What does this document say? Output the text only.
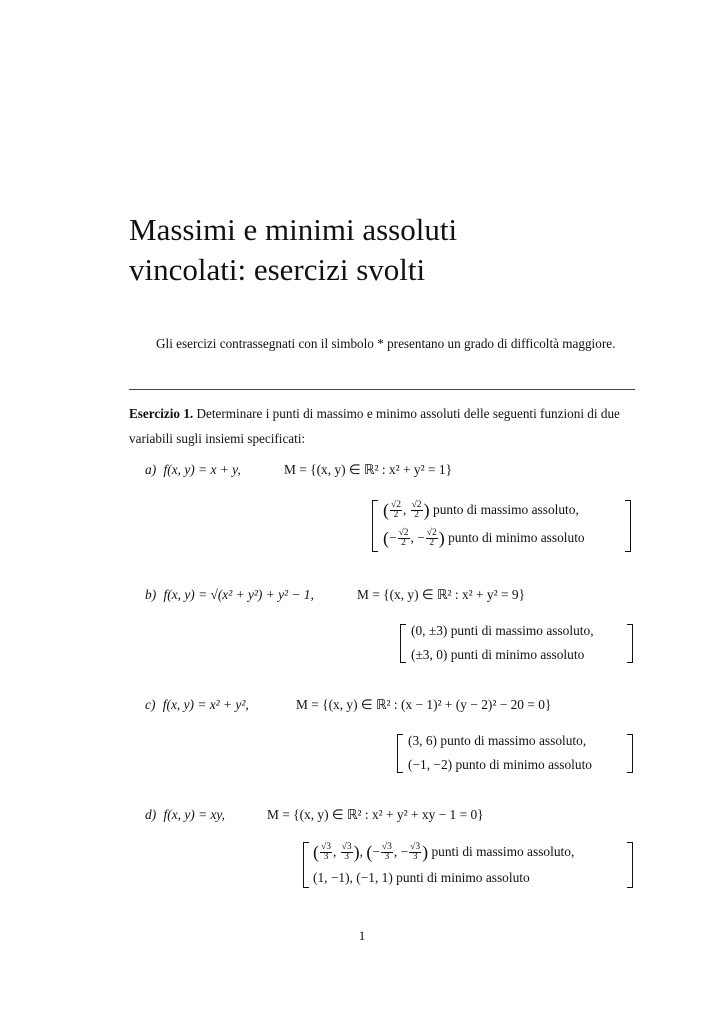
Massimi e minimi assoluti
vincolati: esercizi svolti
Gli esercizi contrassegnati con il simbolo * presentano un grado di difficoltà maggiore.
Esercizio 1. Determinare i punti di massimo e minimo assoluti delle seguenti funzioni di due variabili sugli insiemi specificati:
a) f(x, y) = x + y,	M = {(x, y) ∈ ℝ² : x² + y² = 1}
( $\frac{√2}{2}$ , $\frac{√2}{2}$ ) punto di massimo assoluto,
(− $\frac{√2}{2}$ , − $\frac{√2}{2}$ ) punto di minimo assoluto
b) f(x, y) = √(x² + y²) + y² − 1,	M = {(x, y) ∈ ℝ² : x² + y² = 9}
(0, ±3) punti di massimo assoluto,
(±3, 0) punti di minimo assoluto
c) f(x, y) = x² + y²,	M = {(x, y) ∈ ℝ² : (x − 1)² + (y − 2)² − 20 = 0}
(3, 6) punto di massimo assoluto,
(−1, −2) punto di minimo assoluto
d) f(x, y) = xy,	M = {(x, y) ∈ ℝ² : x² + y² + xy − 1 = 0}
( $\frac{√3}{3}$ , $\frac{√3}{3}$ ), (− $\frac{√3}{3}$ , − $\frac{√3}{3}$ ) punti di massimo assoluto,
(1, −1), (−1, 1) punti di minimo assoluto
1
